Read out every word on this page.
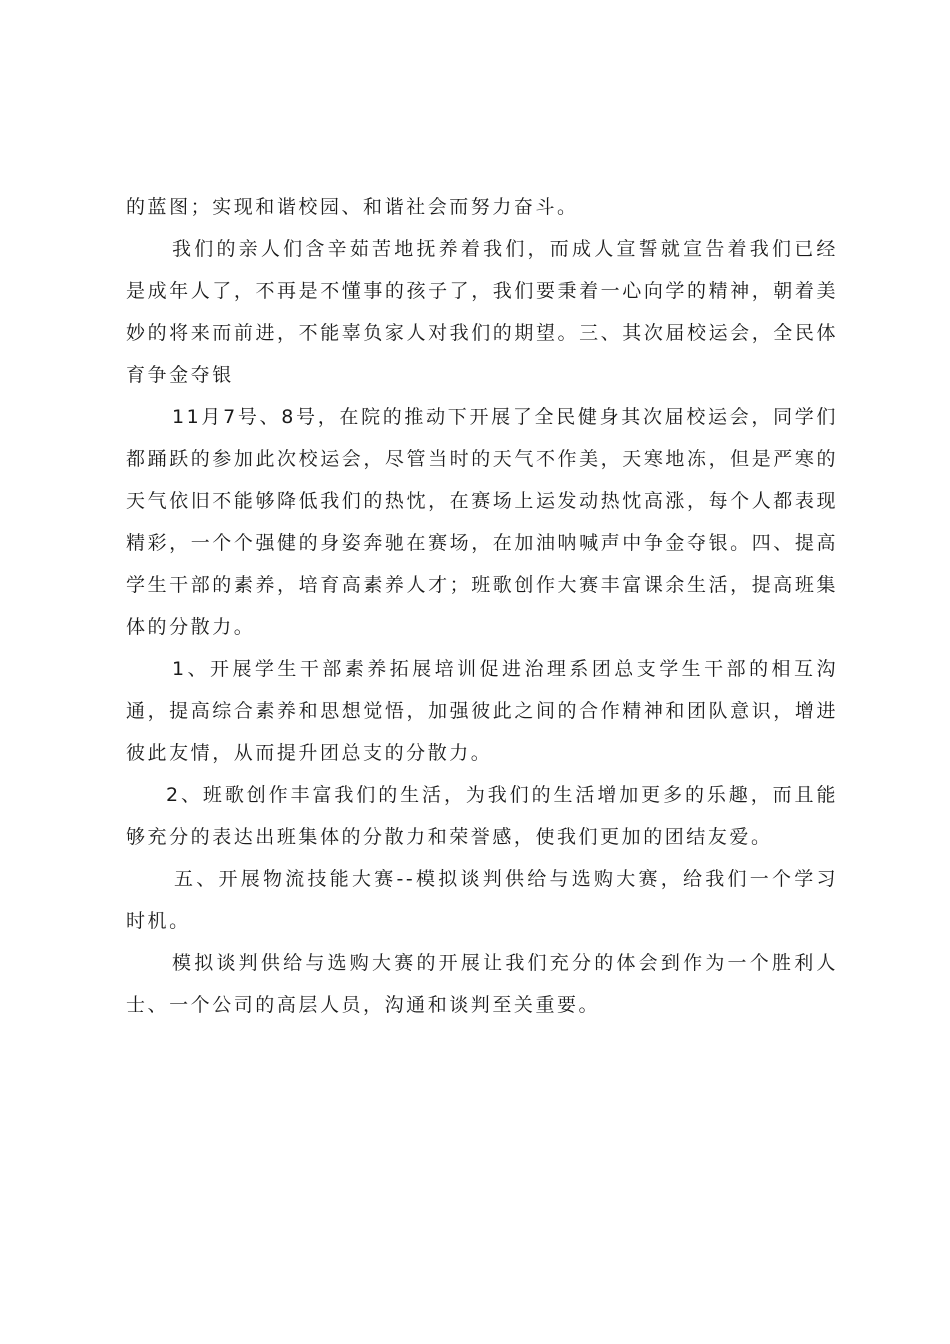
的蓝图；实现和谐校园、和谐社会而努力奋斗。

我们的亲人们含辛茹苦地抚养着我们，而成人宣誓就宣告着我们已经是成年人了，不再是不懂事的孩子了，我们要秉着一心向学的精神，朝着美妙的将来而前进，不能辜负家人对我们的期望。三、其次届校运会，全民体育争金夺银

11月7号、8号，在院的推动下开展了全民健身其次届校运会，同学们都踊跃的参加此次校运会，尽管当时的天气不作美，天寒地冻，但是严寒的天气依旧不能够降低我们的热忱，在赛场上运发动热忱高涨，每个人都表现精彩，一个个强健的身姿奔驰在赛场，在加油呐喊声中争金夺银。四、提高学生干部的素养，培育高素养人才；班歌创作大赛丰富课余生活，提高班集体的分散力。

1、开展学生干部素养拓展培训促进治理系团总支学生干部的相互沟通，提高综合素养和思想觉悟，加强彼此之间的合作精神和团队意识，增进彼此友情，从而提升团总支的分散力。

2、班歌创作丰富我们的生活，为我们的生活增加更多的乐趣，而且能够充分的表达出班集体的分散力和荣誉感，使我们更加的团结友爱。

五、开展物流技能大赛--模拟谈判供给与选购大赛，给我们一个学习时机。

模拟谈判供给与选购大赛的开展让我们充分的体会到作为一个胜利人士、一个公司的高层人员，沟通和谈判至关重要。
